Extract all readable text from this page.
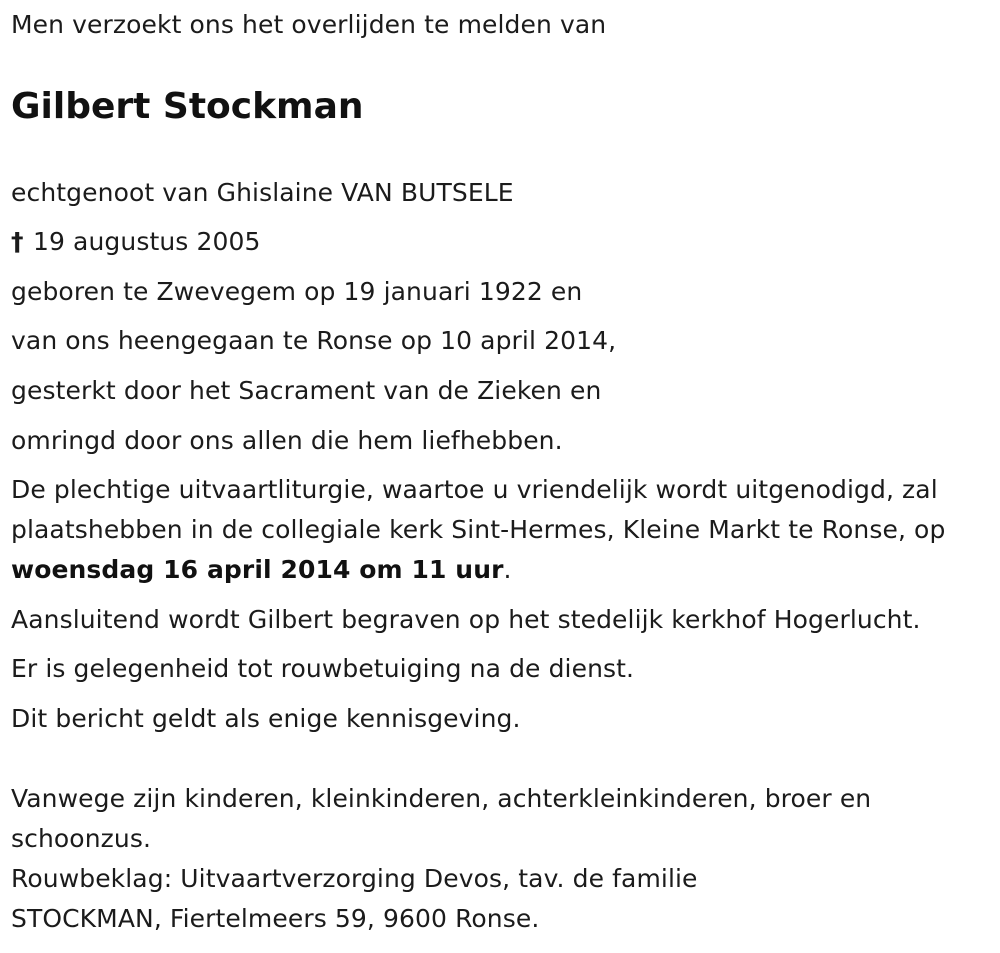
Men verzoekt ons het overlijden te melden van
Gilbert Stockman
echtgenoot van Ghislaine VAN BUTSELE
† 19 augustus 2005
geboren te Zwevegem op 19 januari 1922 en
van ons heengegaan te Ronse op 10 april 2014,
gesterkt door het Sacrament van de Zieken en
omringd door ons allen die hem liefhebben.
De plechtige uitvaartliturgie, waartoe u vriendelijk wordt uitgenodigd, zal
plaatshebben in de collegiale kerk Sint-Hermes, Kleine Markt te Ronse, op
woensdag 16 april 2014 om 11 uur.
Aansluitend wordt Gilbert begraven op het stedelijk kerkhof Hogerlucht.
Er is gelegenheid tot rouwbetuiging na de dienst.
Dit bericht geldt als enige kennisgeving.
Vanwege zijn kinderen, kleinkinderen, achterkleinkinderen, broer en
schoonzus.
Rouwbeklag: Uitvaartverzorging Devos, tav. de familie
STOCKMAN, Fiertelmeers 59, 9600 Ronse.
